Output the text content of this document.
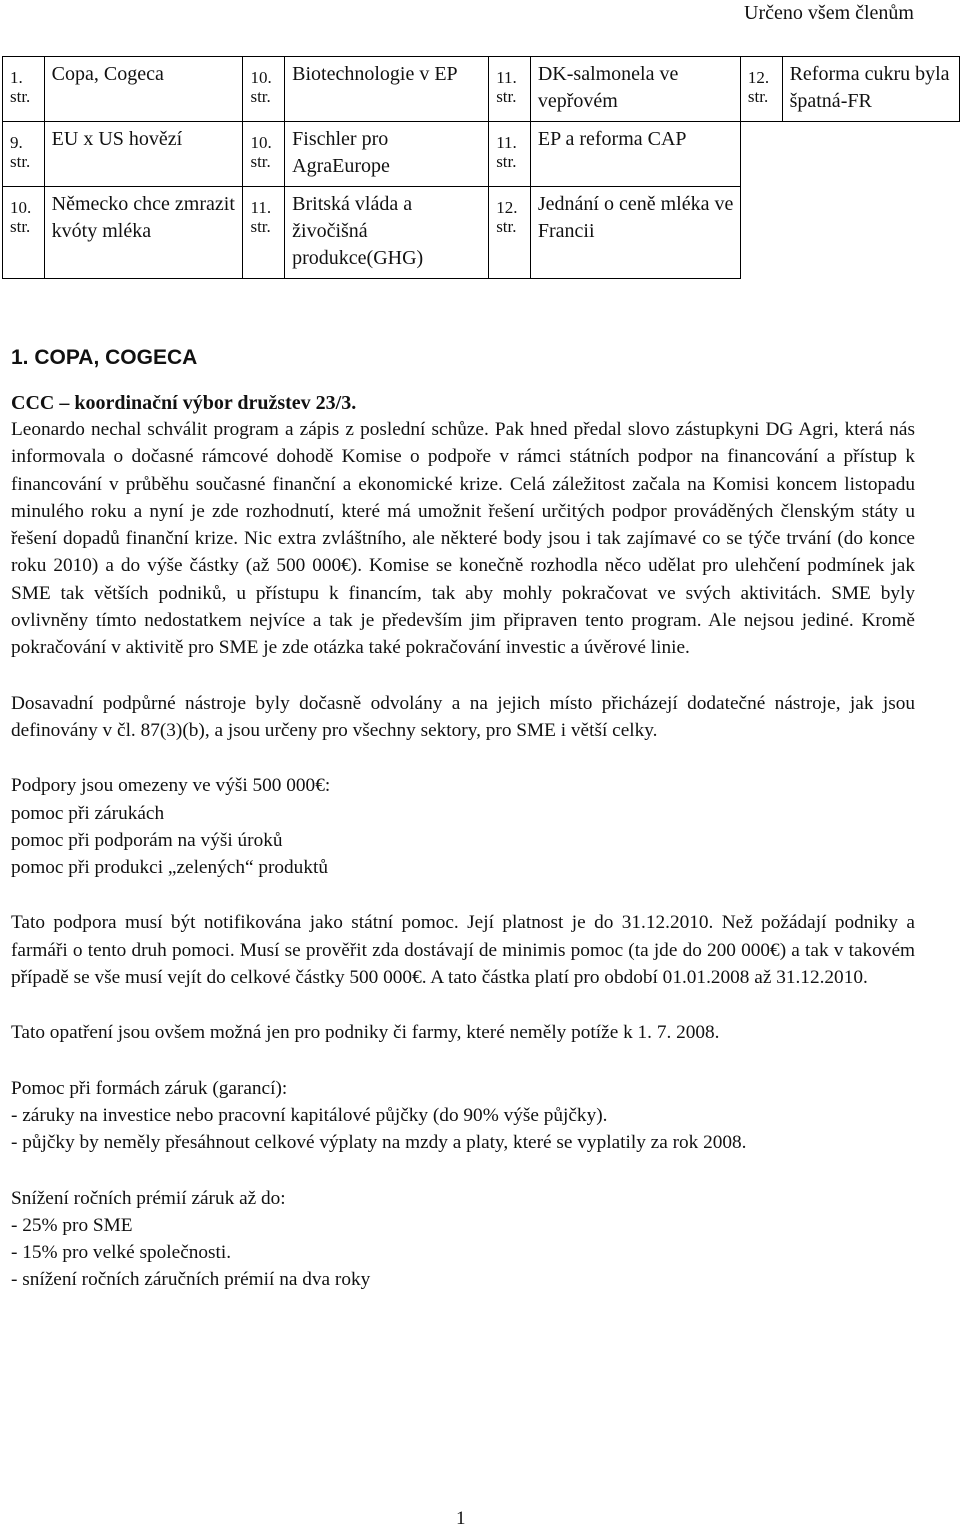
Určeno všem členům
1. str.	Copa, Cogeca	10. str.	Biotechnologie v EP	11. str.	DK-salmonela ve vepřovém	12. str.	Reforma cukru byla špatná-FR
9. str.	EU x US hovězí	10. str.	Fischler pro AgraEurope	11. str.	EP a reforma CAP		
10. str.	Německo chce zmrazit kvóty mléka	11. str.	Britská vláda a živočišná produkce(GHG)	12. str.	Jednání o ceně mléka ve Francii		
1. COPA, COGECA
CCC – koordinační výbor družstev 23/3.

Leonardo nechal schválit program a zápis z poslední schůze. Pak hned předal slovo zástupkyni DG Agri, která nás informovala o dočasné rámcové dohodě Komise o podpoře v rámci státních podpor na financování a přístup k financování v průběhu současné finanční a ekonomické krize. Celá záležitost začala na Komisi koncem listopadu minulého roku a nyní je zde rozhodnutí, které má umožnit řešení určitých podpor prováděných členským státy u řešení dopadů finanční krize. Nic extra zvláštního, ale některé body jsou i tak zajímavé co se týče trvání (do konce roku 2010) a do výše částky (až 500 000€). Komise se konečně rozhodla něco udělat pro ulehčení podmínek jak SME tak větších podniků, u přístupu k financím, tak aby mohly pokračovat ve svých aktivitách. SME byly ovlivněny tímto nedostatkem nejvíce a tak je především jim připraven tento program. Ale nejsou jediné. Kromě pokračování v aktivitě pro SME je zde otázka také pokračování investic a úvěrové linie.

Dosavadní podpůrné nástroje byly dočasně odvolány a na jejich místo přicházejí dodatečné nástroje, jak jsou definovány v čl. 87(3)(b), a jsou určeny pro všechny sektory, pro SME i větší celky.

Podpory jsou omezeny ve výši 500 000€:
pomoc při zárukách
pomoc při podporám na výši úroků
pomoc při produkci „zelených“ produktů

Tato podpora musí být notifikována jako státní pomoc. Její platnost je do 31.12.2010. Než požádají podniky a farmáři o tento druh pomoci. Musí se prověřit zda dostávají de minimis pomoc (ta jde do 200 000€) a tak v takovém případě se vše musí vejít do celkové částky 500 000€. A tato částka platí pro období 01.01.2008 až 31.12.2010.

Tato opatření jsou ovšem možná jen pro podniky či farmy, které neměly potíže k 1. 7. 2008.

Pomoc při formách záruk (garancí):
- záruky na investice nebo pracovní kapitálové půjčky (do 90% výše půjčky).

- půjčky by neměly přesáhnout celkové výplaty na mzdy a platy, které se vyplatily za rok 2008.

Snížení ročních prémií záruk až do:
- 25% pro SME
- 15% pro velké společnosti.
- snížení ročních záručních prémií na dva roky
1
